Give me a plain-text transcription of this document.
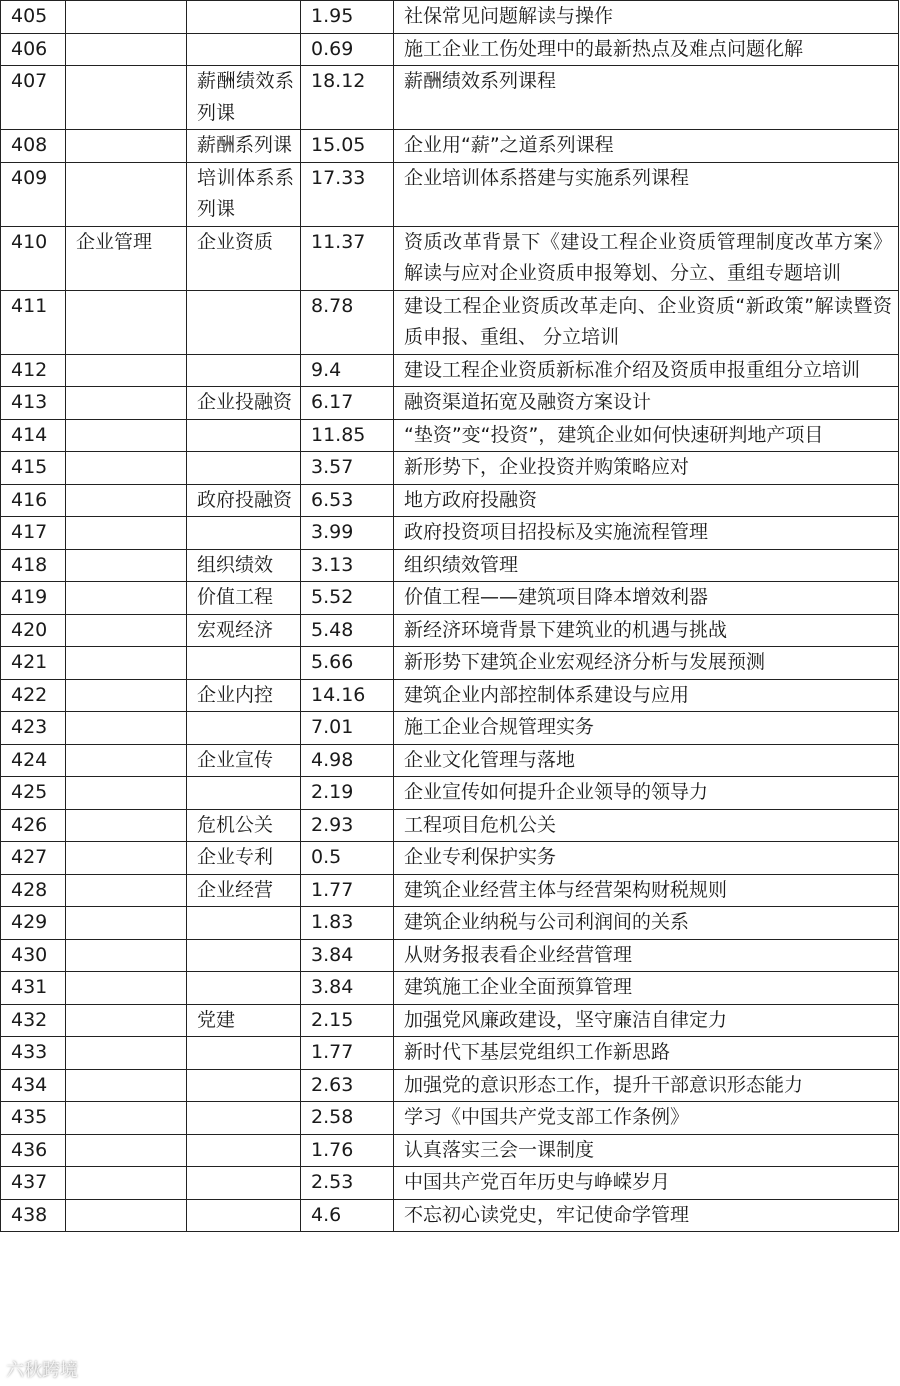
405			1.95	社保常见问题解读与操作
406			0.69	施工企业工伤处理中的最新热点及难点问题化解
407		薪酬绩效系列课	18.12	薪酬绩效系列课程
408		薪酬系列课	15.05	企业用“薪”之道系列课程
409		培训体系系列课	17.33	企业培训体系搭建与实施系列课程
410	企业管理	企业资质	11.37	资质改革背景下《建设工程企业资质管理制度改革方案》解读与应对企业资质申报筹划、分立、重组专题培训
411			8.78	建设工程企业资质改革走向、企业资质“新政策”解读暨资质申报、重组、 分立培训
412			9.4	建设工程企业资质新标准介绍及资质申报重组分立培训
413		企业投融资	6.17	融资渠道拓宽及融资方案设计
414			11.85	“垫资”变“投资”，建筑企业如何快速研判地产项目
415			3.57	新形势下，企业投资并购策略应对
416		政府投融资	6.53	地方政府投融资
417			3.99	政府投资项目招投标及实施流程管理
418		组织绩效	3.13	组织绩效管理
419		价值工程	5.52	价值工程——建筑项目降本增效利器
420		宏观经济	5.48	新经济环境背景下建筑业的机遇与挑战
421			5.66	新形势下建筑企业宏观经济分析与发展预测
422		企业内控	14.16	建筑企业内部控制体系建设与应用
423			7.01	施工企业合规管理实务
424		企业宣传	4.98	企业文化管理与落地
425			2.19	企业宣传如何提升企业领导的领导力
426		危机公关	2.93	工程项目危机公关
427		企业专利	0.5	企业专利保护实务
428		企业经营	1.77	建筑企业经营主体与经营架构财税规则
429			1.83	建筑企业纳税与公司利润间的关系
430			3.84	从财务报表看企业经营管理
431			3.84	建筑施工企业全面预算管理
432		党建	2.15	加强党风廉政建设，坚守廉洁自律定力
433			1.77	新时代下基层党组织工作新思路
434			2.63	加强党的意识形态工作，提升干部意识形态能力
435			2.58	学习《中国共产党支部工作条例》
436			1.76	认真落实三会一课制度
437			2.53	中国共产党百年历史与峥嵘岁月
438			4.6	不忘初心读党史，牢记使命学管理
六秋跨境
